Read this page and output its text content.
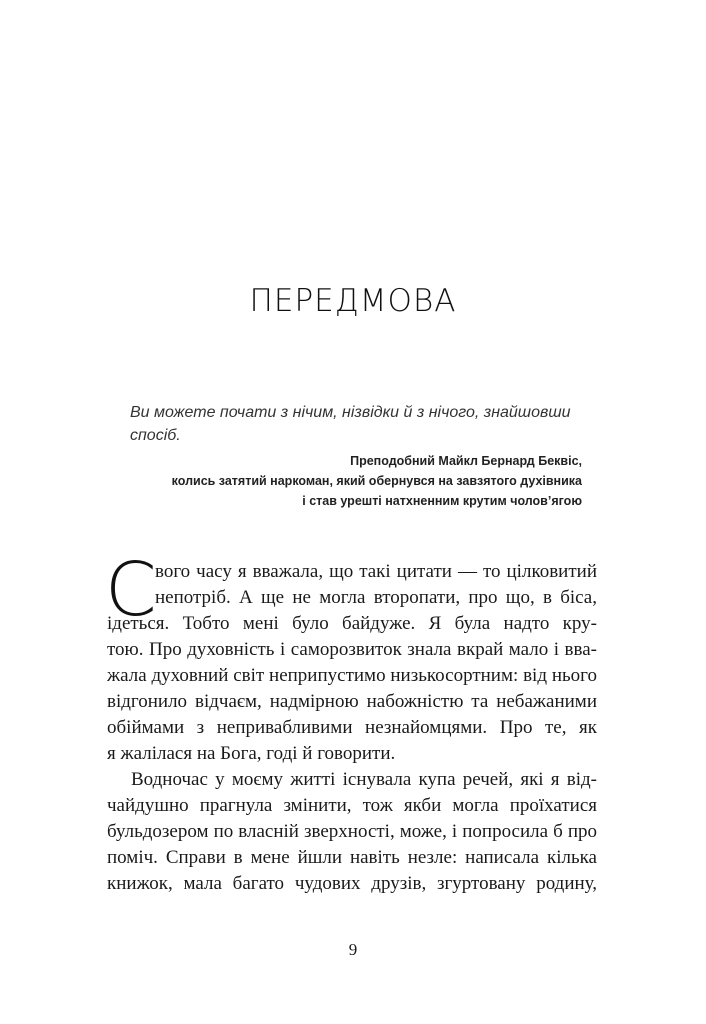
ПЕРЕДМОВА

Ви можете почати з нічим, нізвідки й з нічого, знайшовши
спосіб.

Преподобний Майкл Бернард Беквіс,
колись затятий наркоман, який обернувся на завзятого духівника
і став урешті натхненним крутим чолов’ягою
С
вого часу я вважала, що такі цитати — то цілковитий
непотріб. А ще не могла второпати, про що, в біса,
ідеться. Тобто мені було байдуже. Я була надто кру-
тою. Про духовність і саморозвиток знала вкрай мало і вва-
жала духовний світ неприпустимо низькосортним: від нього
відгонило відчаєм, надмірною набожністю та небажаними
обіймами з непривабливими незнайомцями. Про те, як
я жалілася на Бога, годі й говорити.
Водночас у моєму житті існувала купа речей, які я від-
чайдушно прагнула змінити, тож якби могла проїхатися
бульдозером по власній зверхності, може, і попросила б про
поміч. Справи в мене йшли навіть незле: написала кілька
книжок, мала багато чудових друзів, згуртовану родину,
9
